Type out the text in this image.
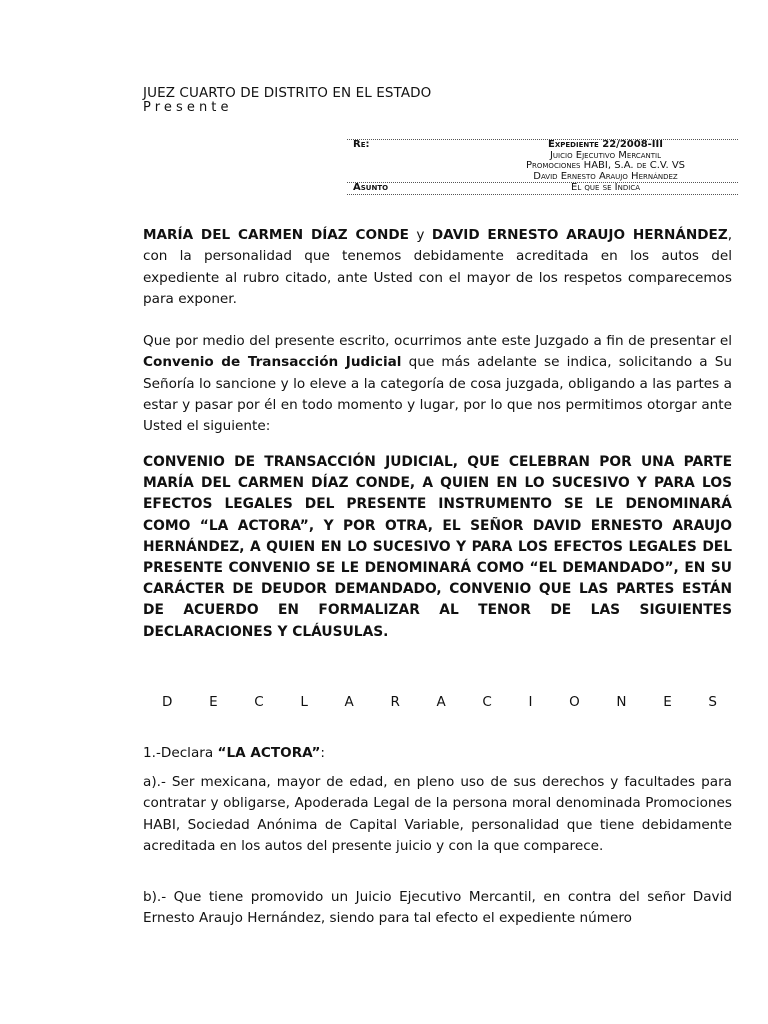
JUEZ CUARTO DE DISTRITO EN EL ESTADO
Presente
Re:	Expediente 22/2008-III
Juicio Ejecutivo Mercantil
Promociones HABI, S.A. de C.V. VS
David Ernesto Araujo Hernández
Asunto	El que se Indica

MARÍA DEL CARMEN DÍAZ CONDE y DAVID ERNESTO ARAUJO HERNÁNDEZ, con la personalidad que tenemos debidamente acreditada en los autos del expediente al rubro citado, ante Usted con el mayor de los respetos comparecemos para exponer.

Que por medio del presente escrito, ocurrimos ante este Juzgado a fin de presentar el Convenio de Transacción Judicial que más adelante se indica, solicitando a Su Señoría lo sancione y lo eleve a la categoría de cosa juzgada, obligando a las partes a estar y pasar por él en todo momento y lugar, por lo que nos permitimos otorgar ante Usted el siguiente:

CONVENIO DE TRANSACCIÓN JUDICIAL, QUE CELEBRAN POR UNA PARTE MARÍA DEL CARMEN DÍAZ CONDE, A QUIEN EN LO SUCESIVO Y PARA LOS EFECTOS LEGALES DEL PRESENTE INSTRUMENTO SE LE DENOMINARÁ COMO “LA ACTORA”, Y POR OTRA, EL SEÑOR DAVID ERNESTO ARAUJO HERNÁNDEZ, A QUIEN EN LO SUCESIVO Y PARA LOS EFECTOS LEGALES DEL PRESENTE CONVENIO SE LE DENOMINARÁ COMO “EL DEMANDADO”, EN SU CARÁCTER DE DEUDOR DEMANDADO, CONVENIO QUE LAS PARTES ESTÁN DE ACUERDO EN FORMALIZAR AL TENOR DE LAS SIGUIENTES DECLARACIONES Y CLÁUSULAS.

D	E	C	L	A	R	A	C	I	O	N	E	S

1.-Declara “LA ACTORA”:

a).- Ser mexicana, mayor de edad, en pleno uso de sus derechos y facultades para contratar y obligarse, Apoderada Legal de la persona moral denominada Promociones HABI, Sociedad Anónima de Capital Variable, personalidad que tiene debidamente acreditada en los autos del presente juicio y con la que comparece.

b).- Que tiene promovido un Juicio Ejecutivo Mercantil, en contra del señor David Ernesto Araujo Hernández, siendo para tal efecto el expediente número
